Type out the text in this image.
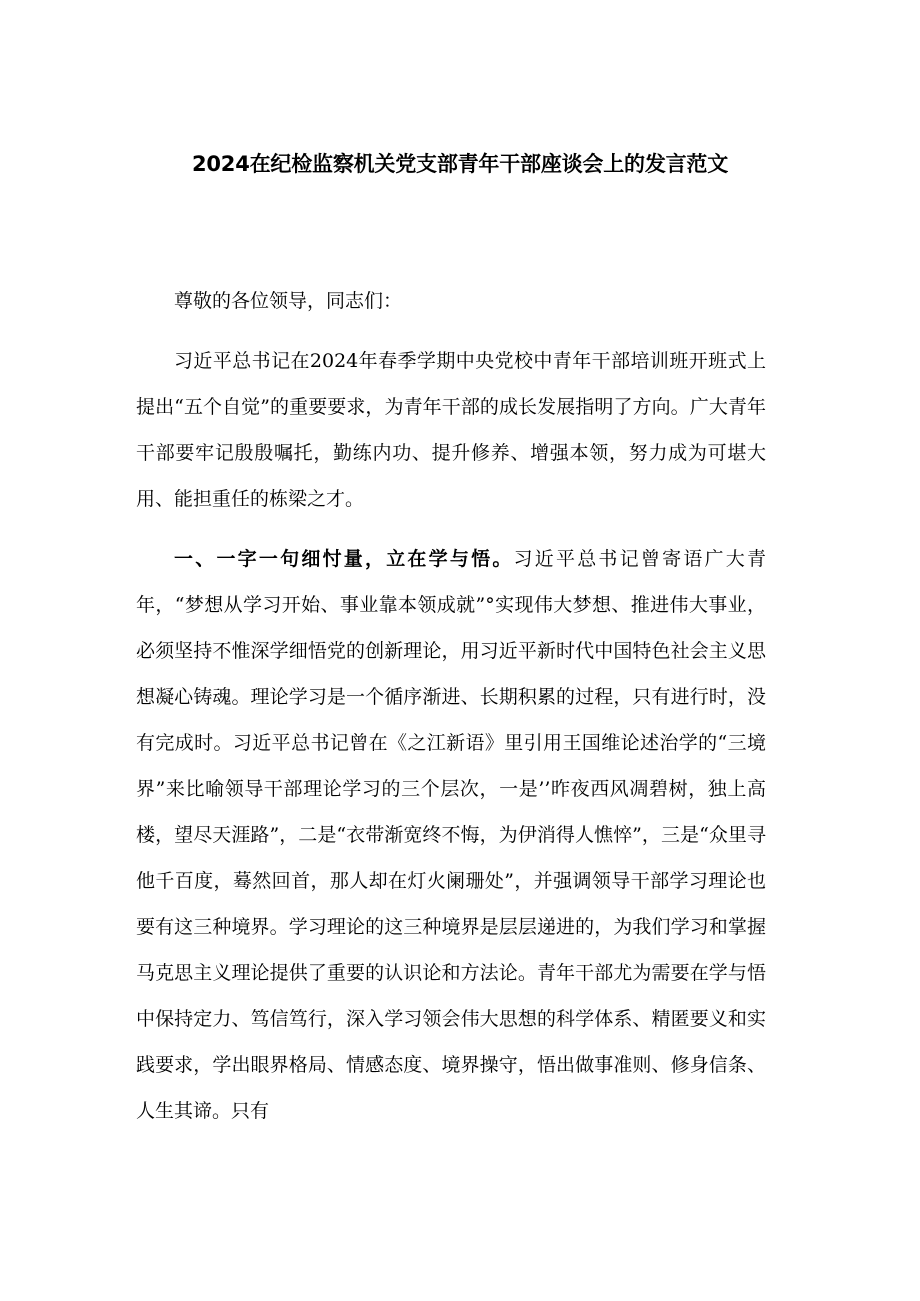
2024在纪检监察机关党支部青年干部座谈会上的发言范文

尊敬的各位领导，同志们：

习近平总书记在2024年春季学期中央党校中青年干部培训班开班式上提出“五个自觉”的重要要求，为青年干部的成长发展指明了方向。广大青年干部要牢记殷殷嘱托，勤练内功、提升修养、增强本领，努力成为可堪大用、能担重任的栋梁之才。

一、一字一句细忖量，立在学与悟。习近平总书记曾寄语广大青年，“梦想从学习开始、事业靠本领成就”°实现伟大梦想、推进伟大事业，必须坚持不惟深学细悟党的创新理论，用习近平新时代中国特色社会主义思想凝心铸魂。理论学习是一个循序渐进、长期积累的过程，只有进行时，没有完成时。习近平总书记曾在《之江新语》里引用王国维论述治学的“三境界”来比喻领导干部理论学习的三个层次，一是’’昨夜西风凋碧树，独上高楼，望尽天涯路”，二是“衣带渐宽终不悔，为伊消得人憔悴”，三是“众里寻他千百度，蓦然回首，那人却在灯火阑珊处”，并强调领导干部学习理论也要有这三种境界。学习理论的这三种境界是层层递进的，为我们学习和掌握马克思主义理论提供了重要的认识论和方法论。青年干部尤为需要在学与悟中保持定力、笃信笃行，深入学习领会伟大思想的科学体系、精匿要义和实践要求，学出眼界格局、情感态度、境界操守，悟出做事准则、修身信条、人生其谛。只有
